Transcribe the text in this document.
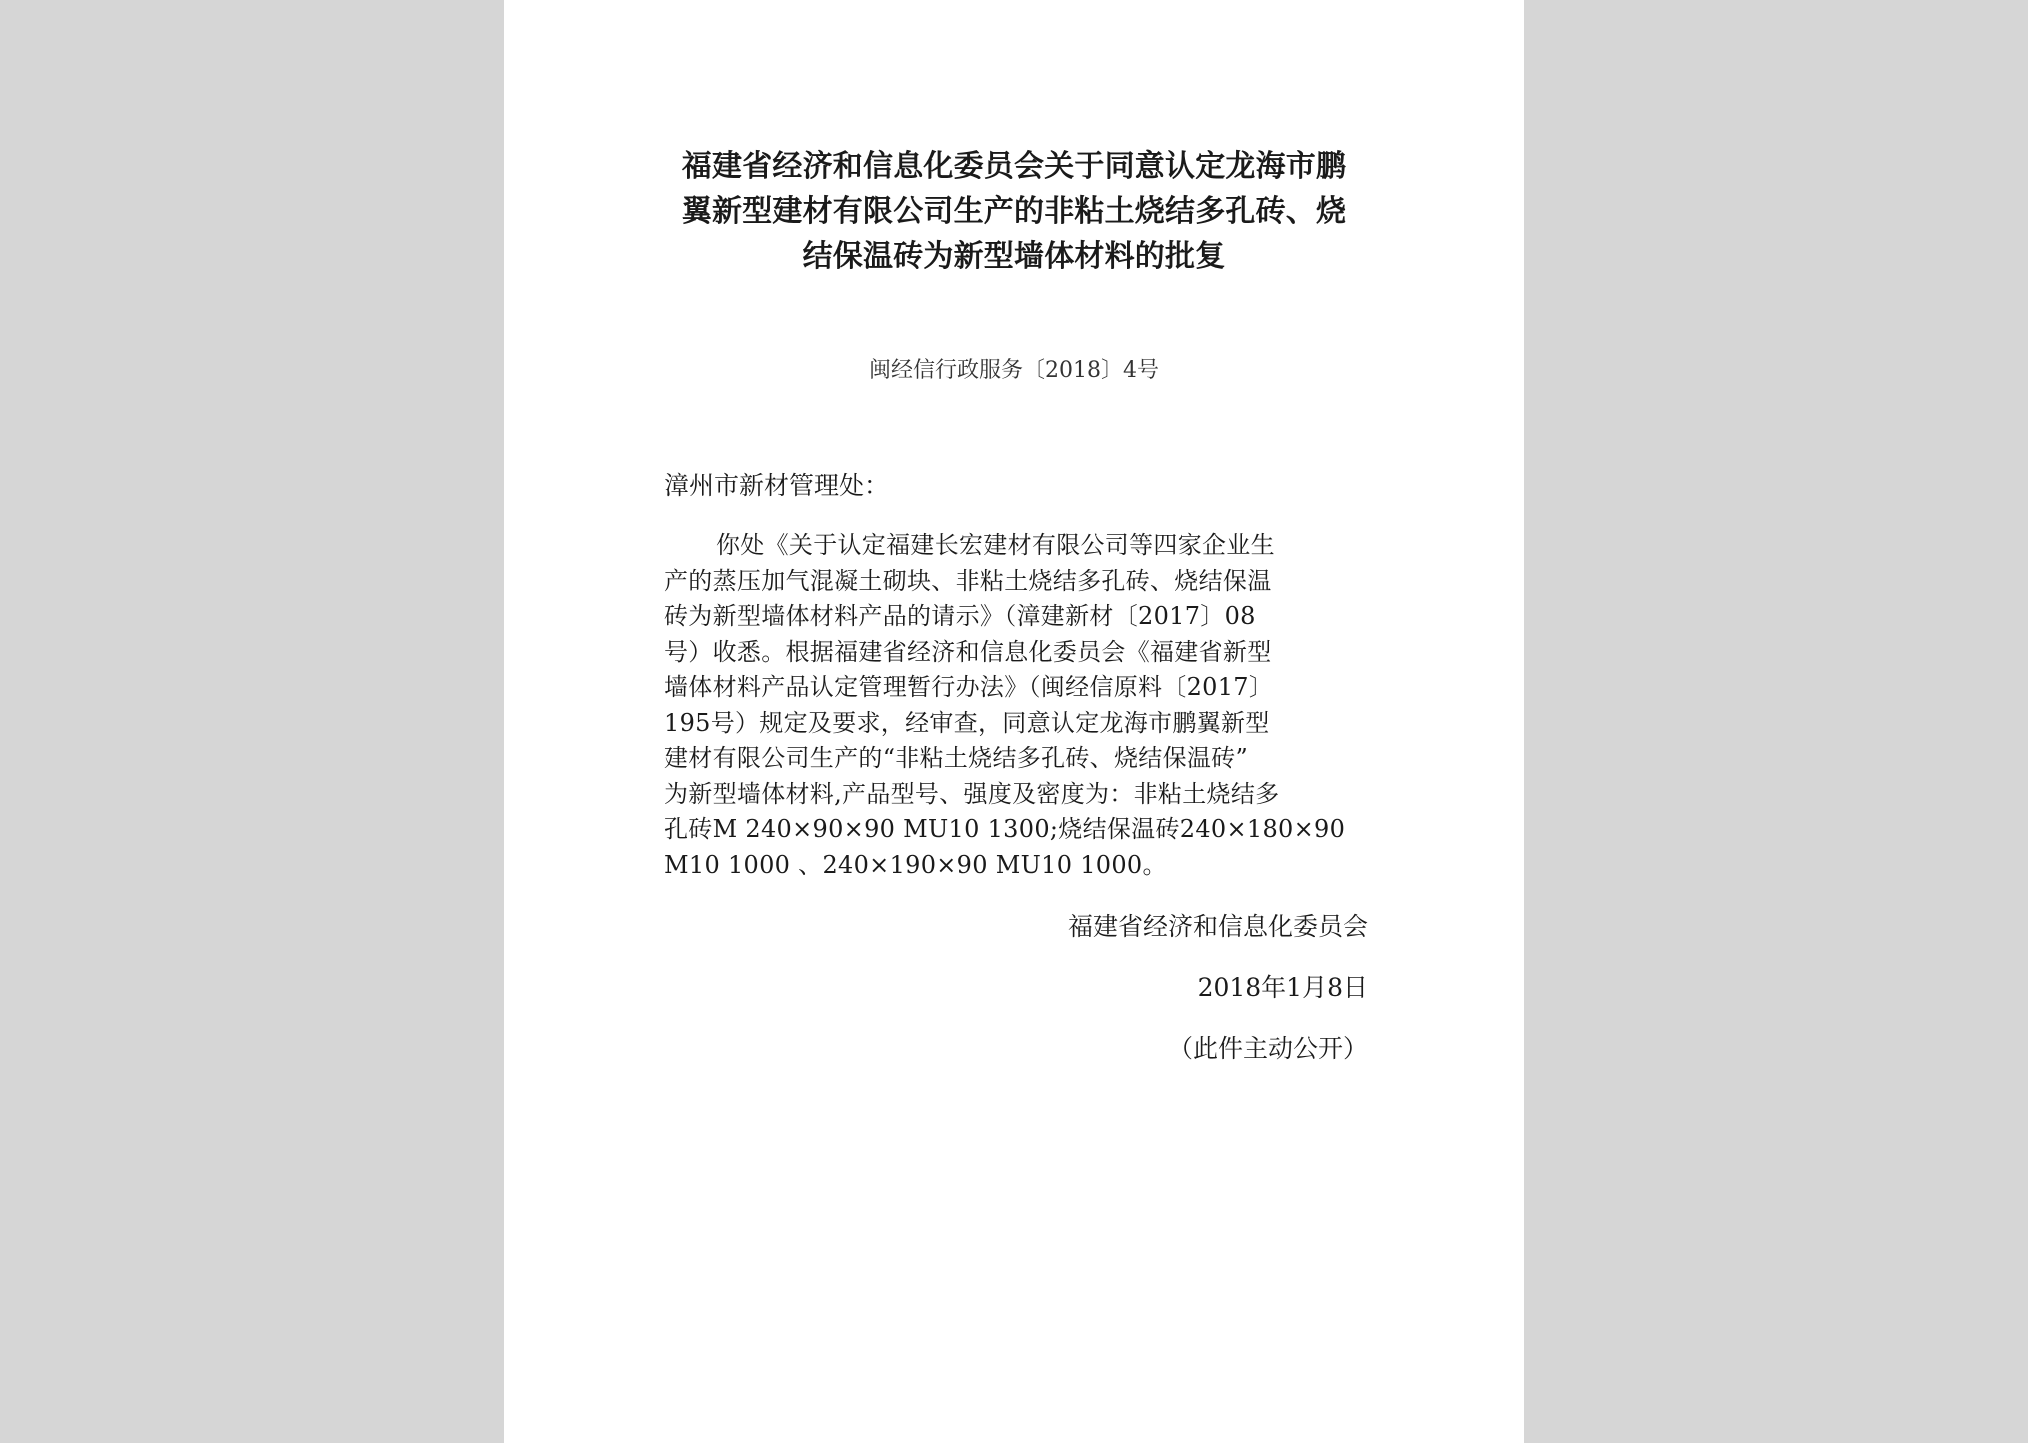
福建省经济和信息化委员会关于同意认定龙海市鹏
翼新型建材有限公司生产的非粘土烧结多孔砖、烧
结保温砖为新型墙体材料的批复
闽经信行政服务〔2018〕4号
漳州市新材管理处：
你处《关于认定福建长宏建材有限公司等四家企业生
产的蒸压加气混凝土砌块、非粘土烧结多孔砖、烧结保温
砖为新型墙体材料产品的请示》（漳建新材〔2017〕08
号）收悉。根据福建省经济和信息化委员会《福建省新型
墙体材料产品认定管理暂行办法》（闽经信原料〔2017〕
195号）规定及要求，经审查，同意认定龙海市鹏翼新型
建材有限公司生产的“非粘土烧结多孔砖、烧结保温砖”
为新型墙体材料,产品型号、强度及密度为：非粘土烧结多
孔砖M 240×90×90 MU10 1300;烧结保温砖240×180×90
M10 1000 、240×190×90 MU10 1000。
福建省经济和信息化委员会
2018年1月8日
（此件主动公开）
